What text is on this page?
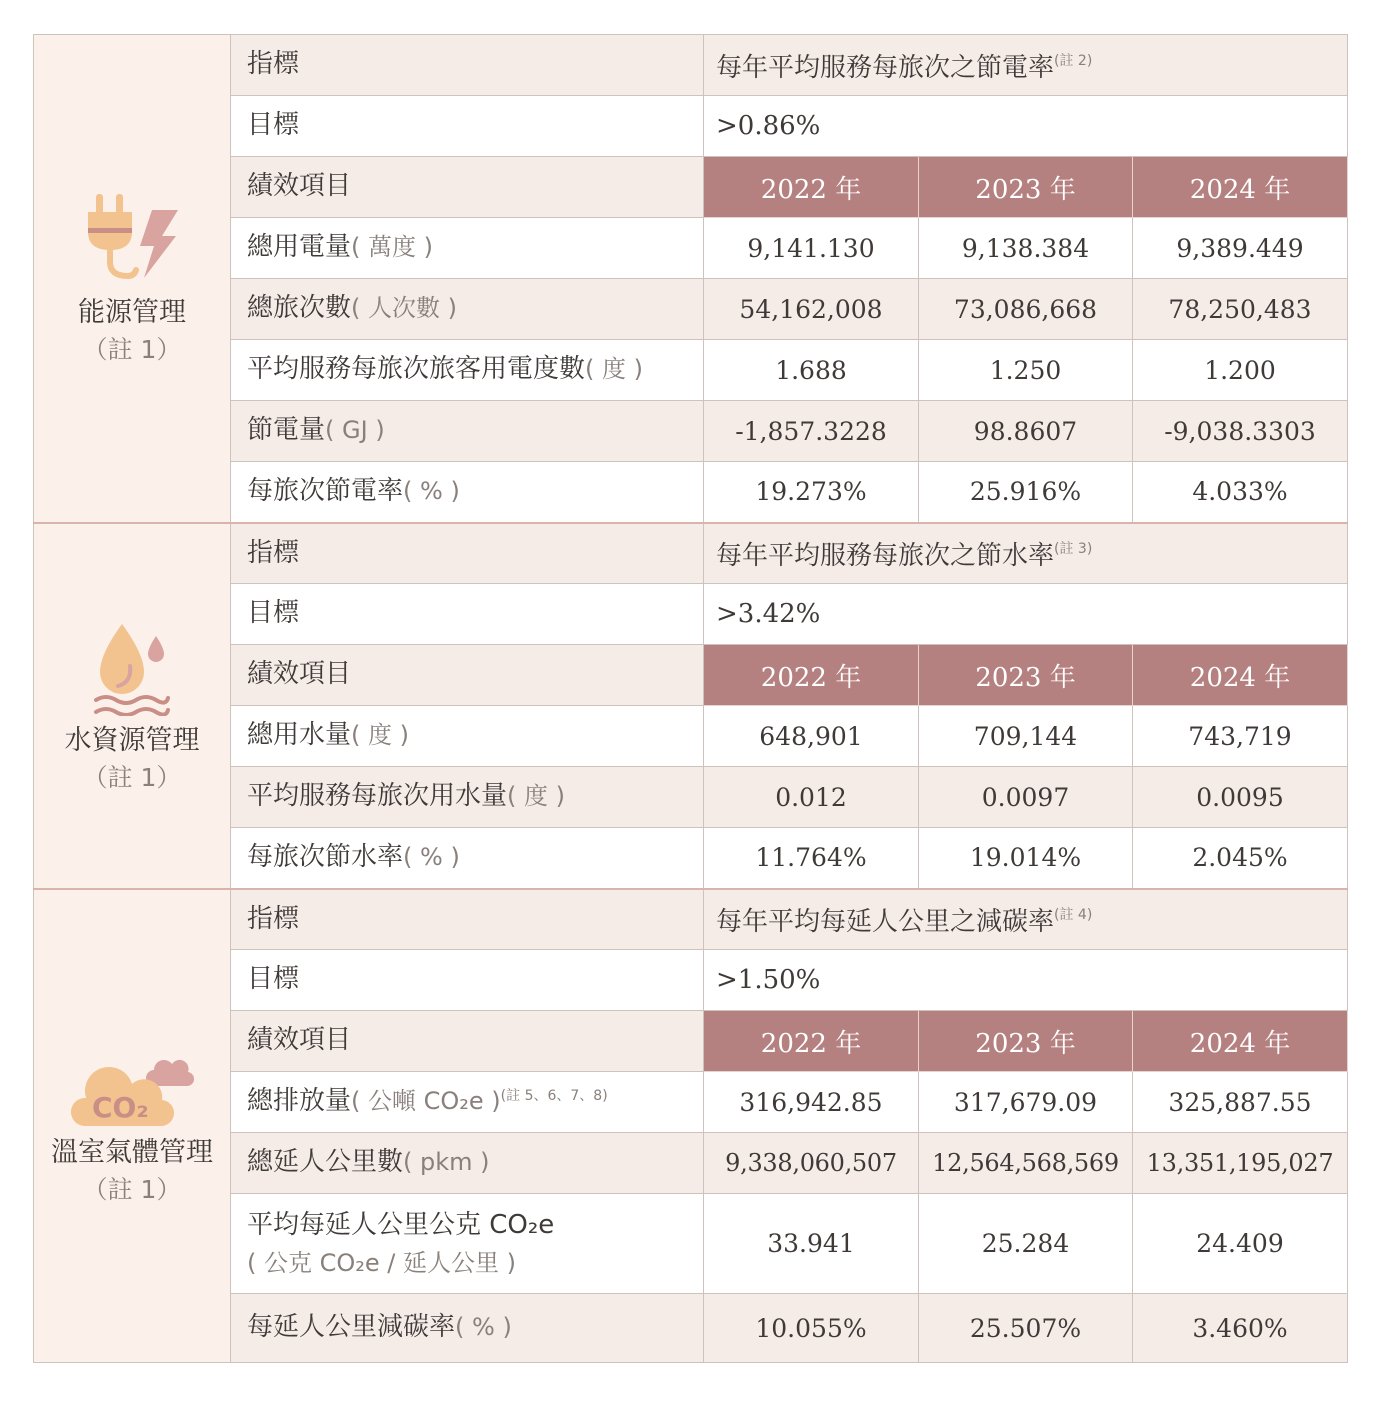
能源管理
（註 1）	指標	每年平均服務每旅次之節電率$^{(註 2)}$
	目標	>0.86%		
	績效項目	2022 年	2023 年	2024 年
	總用電量( 萬度 )	9,141.130	9,138.384	9,389.449
	總旅次數( 人次數 )	54,162,008	73,086,668	78,250,483
	平均服務每旅次旅客用電度數( 度 )	1.688	1.250	1.200
	節電量( GJ )	-1,857.3228	98.8607	-9,038.3303
	每旅次節電率( % )	19.273%	25.916%	4.033%

水資源管理
（註 1）	指標	每年平均服務每旅次之節水率$^{(註 3)}$
	目標	>3.42%		
	績效項目	2022 年	2023 年	2024 年
	總用水量( 度 )	648,901	709,144	743,719
	平均服務每旅次用水量( 度 )	0.012	0.0097	0.0095
	每旅次節水率( % )	11.764%	19.014%	2.045%

CO₂
溫室氣體管理
（註 1）	指標	每年平均每延人公里之減碳率$^{(註 4)}$
	目標	>1.50%		
	績效項目	2022 年	2023 年	2024 年
	總排放量( 公噸 CO₂e )$^{(註 5、6、7、8)}$	316,942.85	317,679.09	325,887.55
	總延人公里數( pkm )	9,338,060,507	12,564,568,569	13,351,195,027
	平均每延人公里公克 CO₂e
( 公克 CO₂e / 延人公里 )	33.941	25.284	24.409
	每延人公里減碳率( % )	10.055%	25.507%	3.460%
